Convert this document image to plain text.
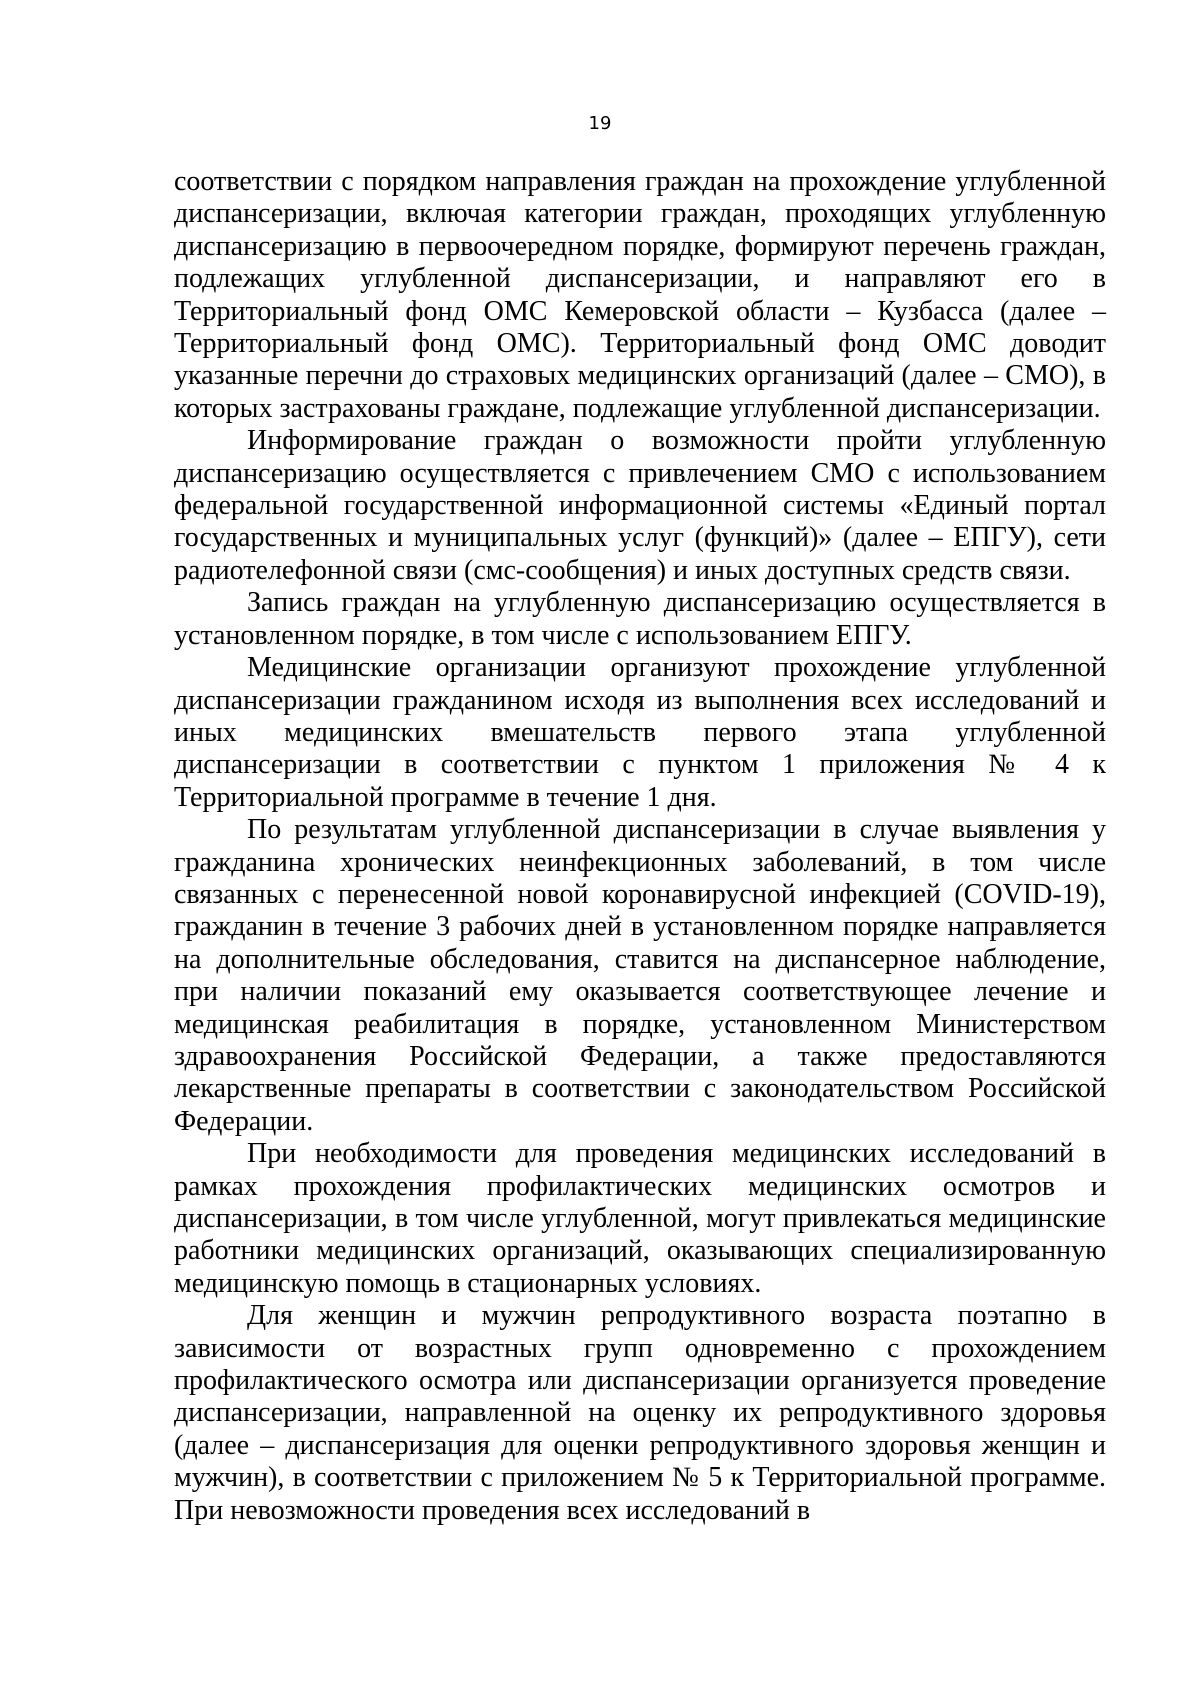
19

соответствии с порядком направления граждан на прохождение углубленной диспансеризации, включая категории граждан, проходящих углубленную диспансеризацию в первоочередном порядке, формируют перечень граждан, подлежащих углубленной диспансеризации, и направляют его в Территориальный фонд ОМС Кемеровской области – Кузбасса (далее – Территориальный фонд ОМС). Территориальный фонд ОМС доводит указанные перечни до страховых медицинских организаций (далее – СМО), в которых застрахованы граждане, подлежащие углубленной диспансеризации.

Информирование граждан о возможности пройти углубленную диспансеризацию осуществляется с привлечением СМО с использованием федеральной государственной информационной системы «Единый портал государственных и муниципальных услуг (функций)» (далее – ЕПГУ), сети радиотелефонной связи (смс-сообщения) и иных доступных средств связи.

Запись граждан на углубленную диспансеризацию осуществляется в установленном порядке, в том числе с использованием ЕПГУ.

Медицинские организации организуют прохождение углубленной диспансеризации гражданином исходя из выполнения всех исследований и иных медицинских вмешательств первого этапа углубленной диспансеризации в соответствии с пунктом 1 приложения № 4 к Территориальной программе в течение 1 дня.

По результатам углубленной диспансеризации в случае выявления у гражданина хронических неинфекционных заболеваний, в том числе связанных с перенесенной новой коронавирусной инфекцией (COVID-19), гражданин в течение 3 рабочих дней в установленном порядке направляется на дополнительные обследования, ставится на диспансерное наблюдение, при наличии показаний ему оказывается соответствующее лечение и медицинская реабилитация в порядке, установленном Министерством здравоохранения Российской Федерации, а также предоставляются лекарственные препараты в соответствии с законодательством Российской Федерации.

При необходимости для проведения медицинских исследований в рамках прохождения профилактических медицинских осмотров и диспансеризации, в том числе углубленной, могут привлекаться медицинские работники медицинских организаций, оказывающих специализированную медицинскую помощь в стационарных условиях.

Для женщин и мужчин репродуктивного возраста поэтапно в зависимости от возрастных групп одновременно с прохождением профилактического осмотра или диспансеризации организуется проведение диспансеризации, направленной на оценку их репродуктивного здоровья (далее – диспансеризация для оценки репродуктивного здоровья женщин и мужчин), в соответствии с приложением № 5 к Территориальной программе. При невозможности проведения всех исследований в
